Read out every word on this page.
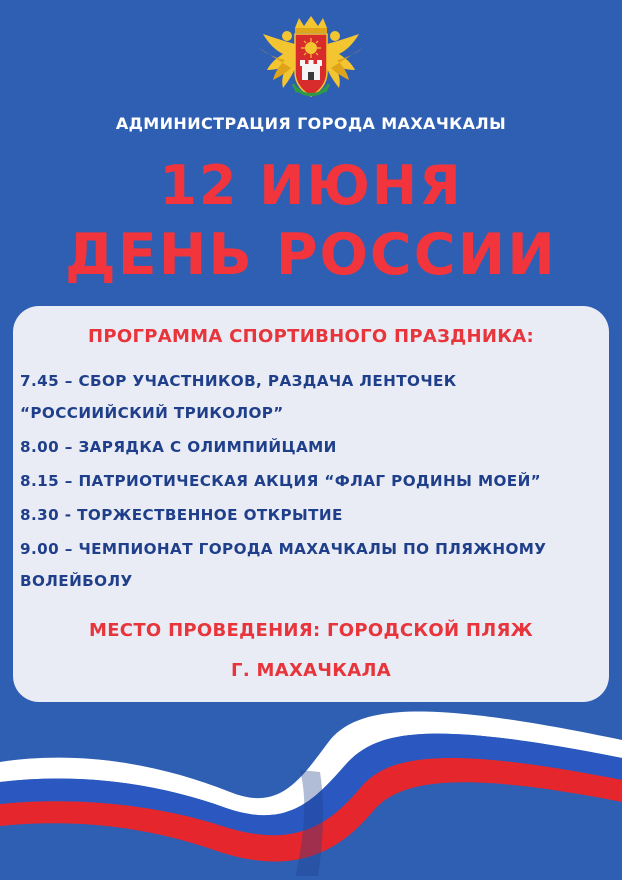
АДМИНИСТРАЦИЯ ГОРОДА МАХАЧКАЛЫ
12 ИЮНЯ
ДЕНЬ РОССИИ
ПРОГРАММА СПОРТИВНОГО ПРАЗДНИКА:
7.45 – СБОР УЧАСТНИКОВ, РАЗДАЧА ЛЕНТОЧЕК
“РОССИИЙСКИЙ ТРИКОЛОР”
8.00 – ЗАРЯДКА С ОЛИМПИЙЦАМИ
8.15 – ПАТРИОТИЧЕСКАЯ АКЦИЯ “ФЛАГ РОДИНЫ МОЕЙ”
8.30 - ТОРЖЕСТВЕННОЕ ОТКРЫТИЕ
9.00 – ЧЕМПИОНАТ ГОРОДА МАХАЧКАЛЫ ПО ПЛЯЖНОМУ
ВОЛЕЙБОЛУ
МЕСТО ПРОВЕДЕНИЯ: ГОРОДСКОЙ ПЛЯЖ
Г. МАХАЧКАЛА
